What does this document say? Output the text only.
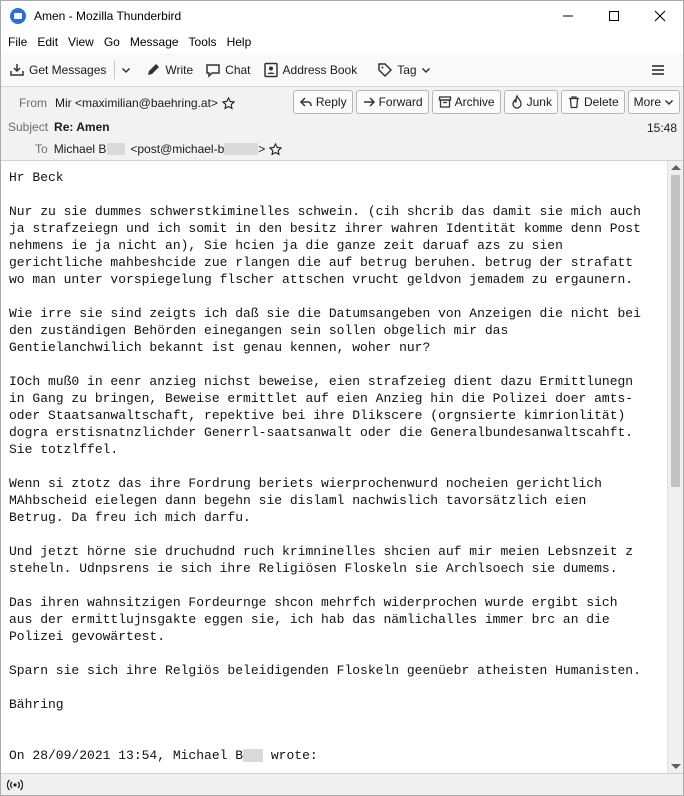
Amen - Mozilla Thunderbird
File Edit View Go Message Tools Help
Get Messages	Write	Chat	Address Book	Tag
From Mir <maximilian@baehring.at>	Reply	Forward	Archive	Junk	Delete More
Subject Re: Amen	15:48
To Michael B <post@michael-b	>
Hr Beck
Nur zu sie dummes schwerstkiminelles schwein. (cih shcrib das damit sie mich auch
ja strafzeiegn und ich somit in den besitz ihrer wahren Identität komme denn Post
nehmens ie ja nicht an), Sie hcien ja die ganze zeit daruaf azs zu sien
gerichtliche mahbeshcide zue rlangen die auf betrug beruhen. betrug der strafatt
wo man unter vorspiegelung flscher attschen vrucht geldvon jemadem zu ergaunern.
Wie irre sie sind zeigts ich daß sie die Datumsangeben von Anzeigen die nicht bei
den zuständigen Behörden einegangen sein sollen obgelich mir das
Gentielanchwilich bekannt ist genau kennen, woher nur?
IOch muß0 in eenr anzieg nichst beweise, eien strafzeieg dient dazu Ermittlunegn
in Gang zu bringen, Beweise ermittlet auf eien Anzieg hin die Polizei doer amts-
oder Staatsanwaltschaft, repektive bei ihre Dlikscere (orgnsierte kimrionlität)
dogra erstisnatnzlichder Generrl-saatsanwalt oder die Generalbundesanwaltscahft.
Sie totzlffel.
Wenn si ztotz das ihre Fordrung beriets wierprochenwurd nocheien gerichtlich
MAhbscheid eielegen dann begehn sie dislaml nachwislich tavorsätzlich eien
Betrug. Da freu ich mich darfu.
Und jetzt hörne sie druchudnd ruch krimninelles shcien auf mir meien Lebsnzeit z
steheln. Udnpsrens ie sich ihre Religiösen Floskeln sie Archlsoech sie dumems.
Das ihren wahnsitzigen Fordeurnge shcon mehrfch widerprochen wurde ergibt sich
aus der ermittlujnsgakte eggen sie, ich hab das nämlichalles immer brc an die
Polizei gevowärtest.
Sparn sie sich ihre Relgiös beleidigenden Floskeln geenüebr atheisten Humanisten.
Bähring
On 28/09/2021 13:54, Michael B wrote:
